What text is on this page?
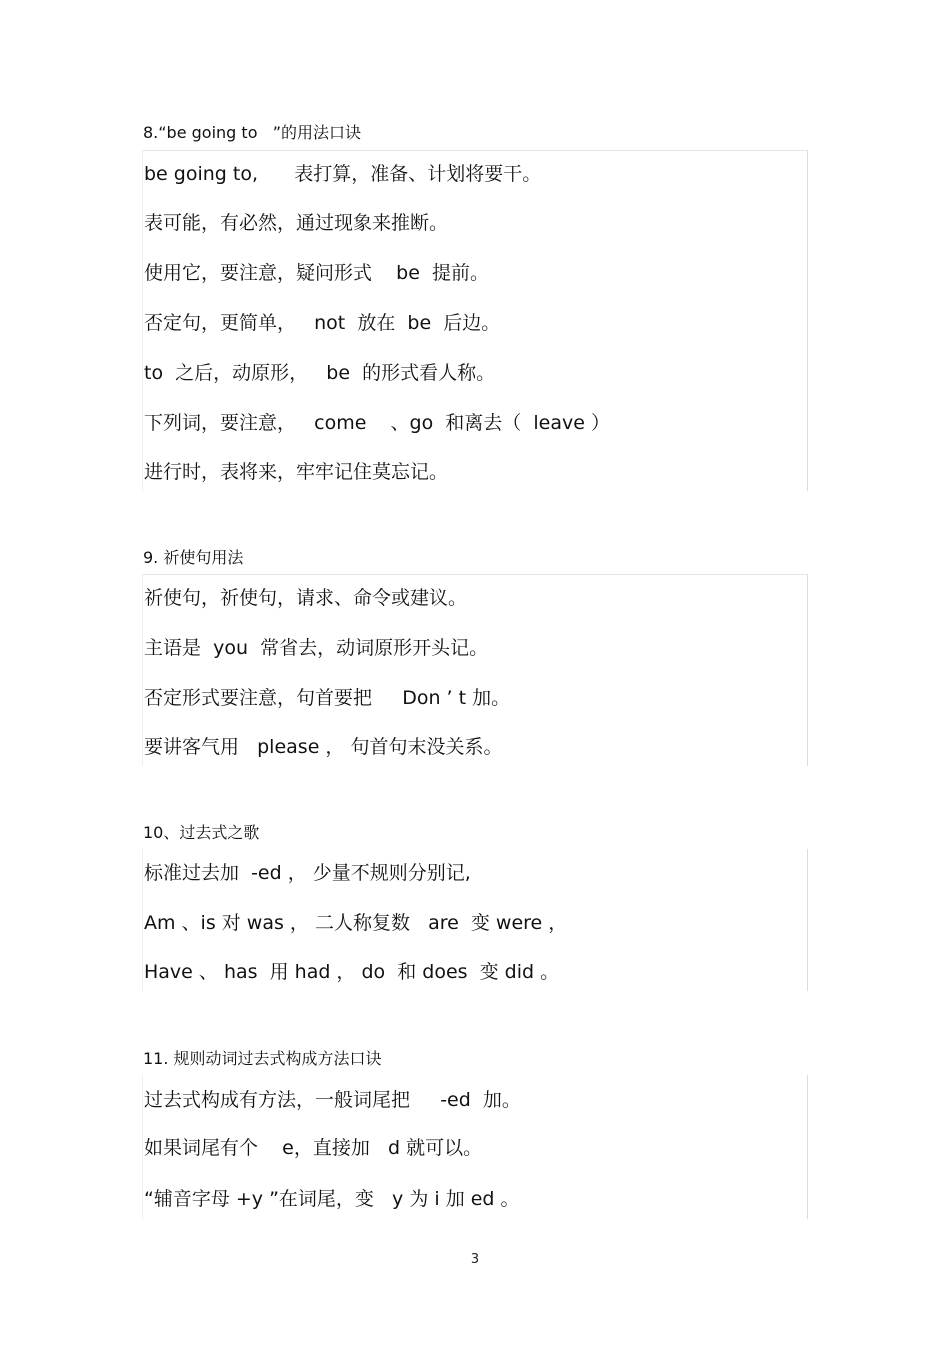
8.“be going to   ”的用法口诀
be going to,      表打算，准备、计划将要干。
表可能，有必然，通过现象来推断。
使用它，要注意，疑问形式    be  提前。
否定句，更简单，   not  放在  be  后边。
to  之后，动原形，   be  的形式看人称。
下列词，要注意，   come    、go  和离去（  leave ）
进行时，表将来，牢牢记住莫忘记。
9. 祈使句用法
祈使句，祈使句，请求、命令或建议。
主语是  you  常省去，动词原形开头记。
否定形式要注意，句首要把     Don ’ t 加。
要讲客气用   please ， 句首句末没关系。
10、过去式之歌
标准过去加  -ed ， 少量不规则分别记,
Am 、is 对 was ， 二人称复数   are  变 were ，
Have 、 has  用 had ， do  和 does  变 did 。
11. 规则动词过去式构成方法口诀
过去式构成有方法，一般词尾把     -ed  加。
如果词尾有个    e，直接加   d 就可以。
“辅音字母 +y ”在词尾，变   y 为 i 加 ed 。
3
